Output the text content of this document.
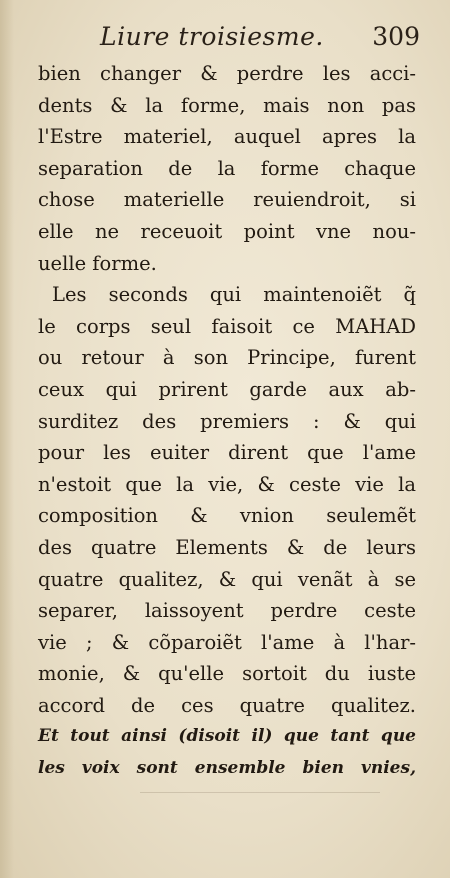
Liure troisiesme. 309
bien changer & perdre les acci-
dents & la forme, mais non pas
l'Estre materiel, auquel apres la
separation de la forme chaque
chose materielle reuiendroit, si
elle ne receuoit point vne nou-
uelle forme.
Les seconds qui maintenoiẽt q̃
le corps seul faisoit ce MAHAD
ou retour à son Principe, furent
ceux qui prirent garde aux ab-
surditez des premiers : & qui
pour les euiter dirent que l'ame
n'estoit que la vie, & ceste vie la
composition & vnion seulemẽt
des quatre Elements & de leurs
quatre qualitez, & qui venãt à se
separer, laissoyent perdre ceste
vie ; & cõparoiẽt l'ame à l'har-
monie, & qu'elle sortoit du iuste
accord de ces quatre qualitez.
Et tout ainsi (disoit il) que tant que
les voix sont ensemble bien vnies,
